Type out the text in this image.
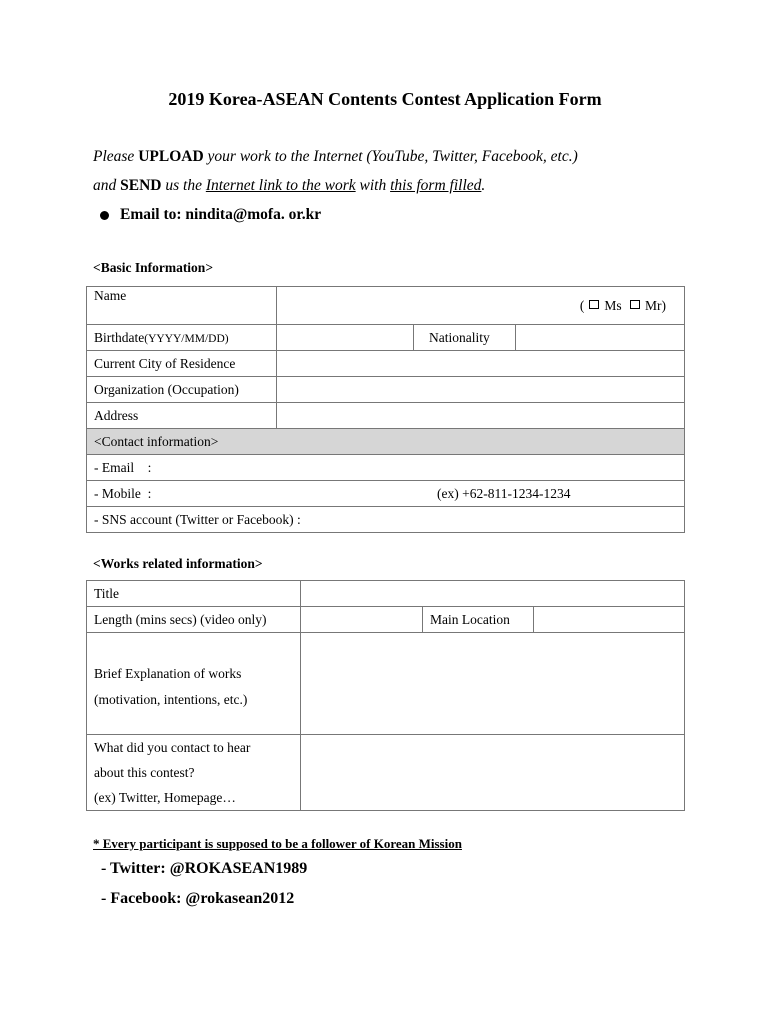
2019 Korea-ASEAN Contents Contest Application Form
Please UPLOAD your work to the Internet (YouTube, Twitter, Facebook, etc.)
and SEND us the Internet link to the work with this form filled.
Email to: nindita@mofa. or.kr
<Basic Information>
Name	( Ms Mr)		
Birthdate(YYYY/MM/DD)		Nationality	
Current City of Residence			
Organization (Occupation)			
Address			
<Contact information>			
- Email    :			
- Mobile  : (ex) +62-811-1234-1234			
- SNS account (Twitter or Facebook) :			
<Works related information>
Title			
Length (mins secs) (video only)		Main Location	
Brief Explanation of works
(motivation, intentions, etc.)			
What did you contact to hear
about this contest?
(ex) Twitter, Homepage…			
* Every participant is supposed to be a follower of Korean Mission
- Twitter: @ROKASEAN1989
- Facebook: @rokasean2012
